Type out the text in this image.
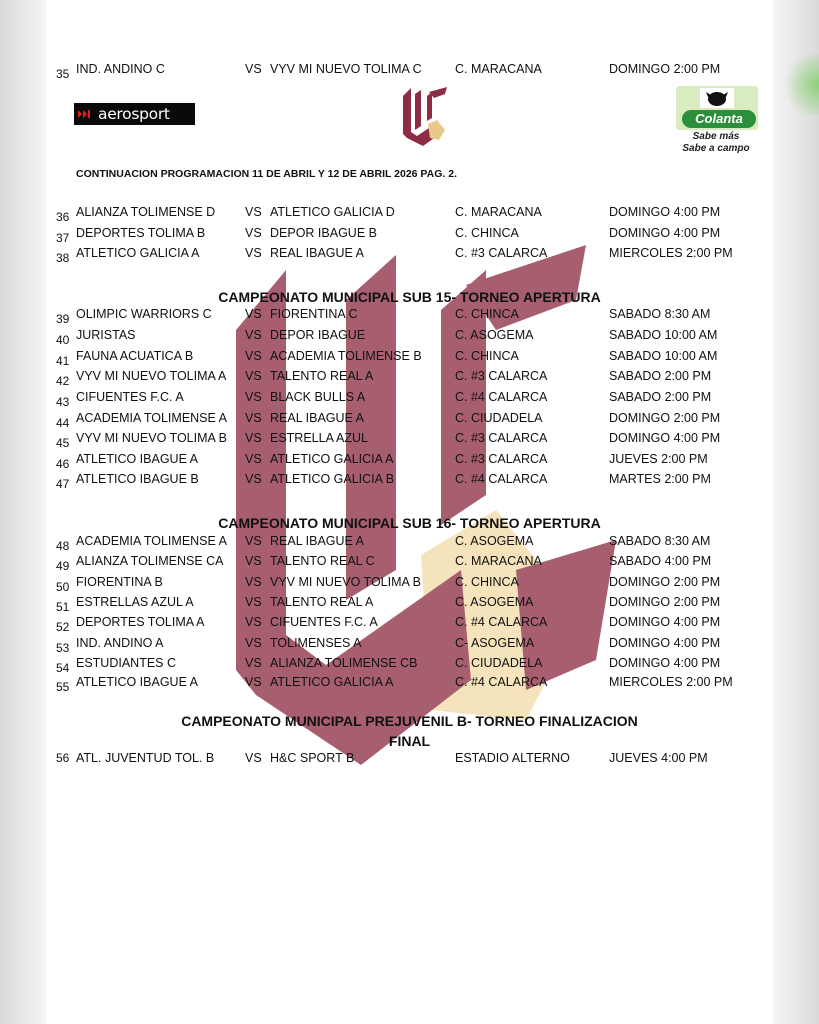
35 IND. ANDINO C	VS VYV MI NUEVO TOLIMA C	C. MARACANA	DOMINGO 2:00 PM
aerosport	Colanta
Sabe más
Sabe a campo
CONTINUACION PROGRAMACION 11 DE ABRIL Y 12 DE ABRIL 2026 PAG. 2.
36 ALIANZA TOLIMENSE D VS ATLETICO GALICIA D	C. MARACANA	DOMINGO 4:00 PM
37 DEPORTES TOLIMA B	VS DEPOR IBAGUE B	C. CHINCA	DOMINGO 4:00 PM
38 ATLETICO GALICIA A	VS REAL IBAGUE A	C. #3 CALARCA	MIERCOLES 2:00 PM
CAMPEONATO MUNICIPAL SUB 15- TORNEO APERTURA
39 OLIMPIC WARRIORS C	VS FIORENTINA C	C. CHINCA	SABADO 8:30 AM
40 JURISTAS	VS DEPOR IBAGUE	C. ASOGEMA	SABADO 10:00 AM
41 FAUNA ACUATICA B	VS ACADEMIA TOLIMENSE B	C. CHINCA	SABADO 10:00 AM
42 VYV MI NUEVO TOLIMA A VS TALENTO REAL A	C. #3 CALARCA	SABADO 2:00 PM
43 CIFUENTES F.C. A	VS BLACK BULLS A	C. #4 CALARCA	SABADO 2:00 PM
44 ACADEMIA TOLIMENSE A VS REAL IBAGUE A	C. CIUDADELA	DOMINGO 2:00 PM
45 VYV MI NUEVO TOLIMA B VS ESTRELLA AZUL	C. #3 CALARCA	DOMINGO 4:00 PM
46 ATLETICO IBAGUE A	VS ATLETICO GALICIA A	C. #3 CALARCA	JUEVES 2:00 PM
47 ATLETICO IBAGUE B	VS ATLETICO GALICIA B	C. #4 CALARCA	MARTES 2:00 PM
CAMPEONATO MUNICIPAL SUB 16- TORNEO APERTURA
48 ACADEMIA TOLIMENSE A VS REAL IBAGUE A	C. ASOGEMA	SABADO 8:30 AM
49 ALIANZA TOLIMENSE CA VS TALENTO REAL C	C. MARACANA	SABADO 4:00 PM
50 FIORENTINA B	VS VYV MI NUEVO TOLIMA B	C. CHINCA	DOMINGO 2:00 PM
51 ESTRELLAS AZUL A	VS TALENTO REAL A	C. ASOGEMA	DOMINGO 2:00 PM
52 DEPORTES TOLIMA A	VS CIFUENTES F.C. A	C. #4 CALARCA	DOMINGO 4:00 PM
53 IND. ANDINO A	VS TOLIMENSES A	C- ASOGEMA	DOMINGO 4:00 PM
54 ESTUDIANTES C	VS ALIANZA TOLIMENSE CB	C. CIUDADELA	DOMINGO 4:00 PM
55 ATLETICO IBAGUE A	VS ATLETICO GALICIA A	C. #4 CALARCA	MIERCOLES 2:00 PM
CAMPEONATO MUNICIPAL PREJUVENIL B- TORNEO FINALIZACION
FINAL
56 ATL. JUVENTUD TOL. B VS H&C SPORT B	ESTADIO ALTERNO	JUEVES 4:00 PM
